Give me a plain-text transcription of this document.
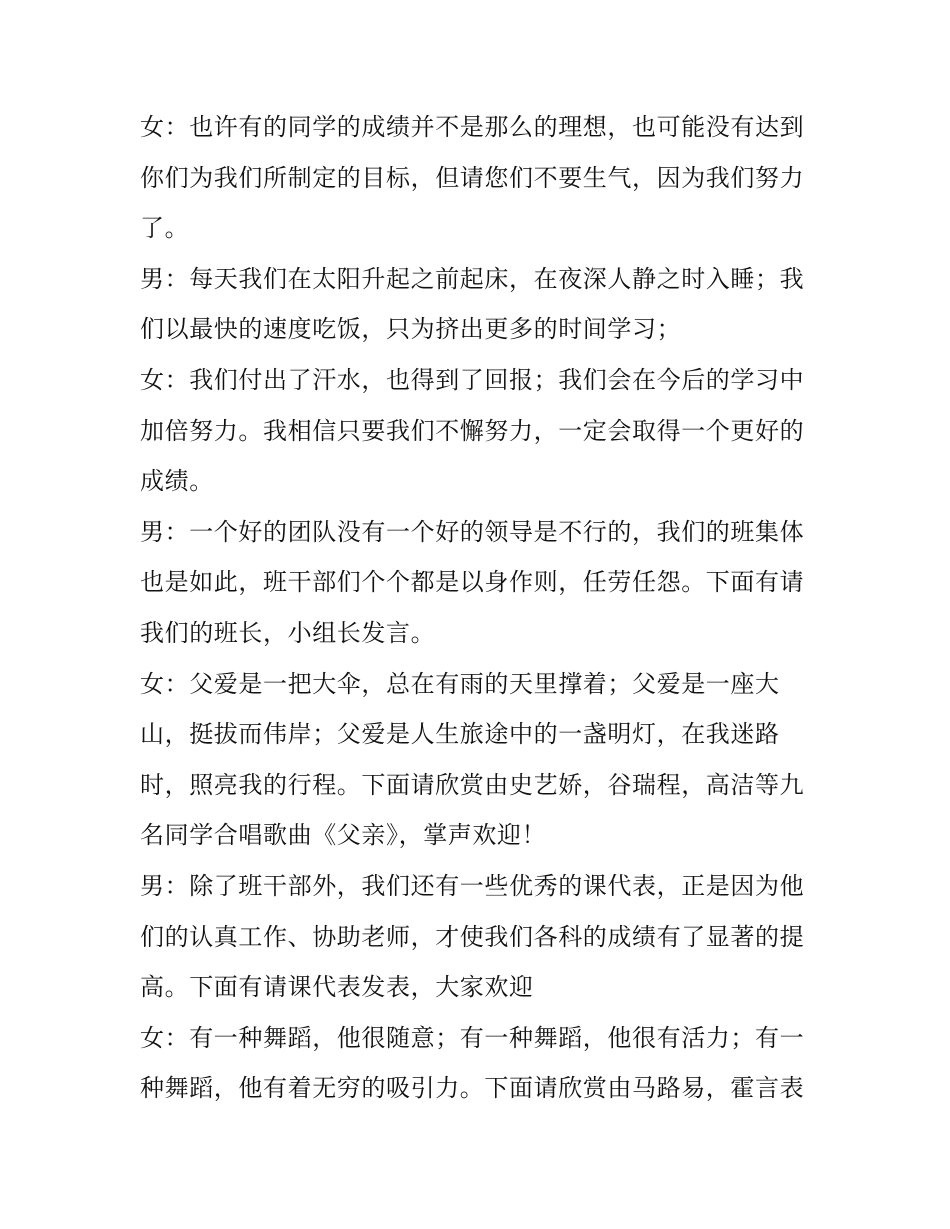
女：也许有的同学的成绩并不是那么的理想，也可能没有达到
你们为我们所制定的目标，但请您们不要生气，因为我们努力
了。
男：每天我们在太阳升起之前起床，在夜深人静之时入睡；我
们以最快的速度吃饭，只为挤出更多的时间学习；
女：我们付出了汗水，也得到了回报；我们会在今后的学习中
加倍努力。我相信只要我们不懈努力，一定会取得一个更好的
成绩。
男：一个好的团队没有一个好的领导是不行的，我们的班集体
也是如此，班干部们个个都是以身作则，任劳任怨。下面有请
我们的班长，小组长发言。
女：父爱是一把大伞，总在有雨的天里撑着；父爱是一座大
山，挺拔而伟岸；父爱是人生旅途中的一盏明灯，在我迷路
时，照亮我的行程。下面请欣赏由史艺娇，谷瑞程，高洁等九
名同学合唱歌曲《父亲》，掌声欢迎！
男：除了班干部外，我们还有一些优秀的课代表，正是因为他
们的认真工作、协助老师，才使我们各科的成绩有了显著的提
高。下面有请课代表发表，大家欢迎
女：有一种舞蹈，他很随意；有一种舞蹈，他很有活力；有一
种舞蹈，他有着无穷的吸引力。下面请欣赏由马路易，霍言表
